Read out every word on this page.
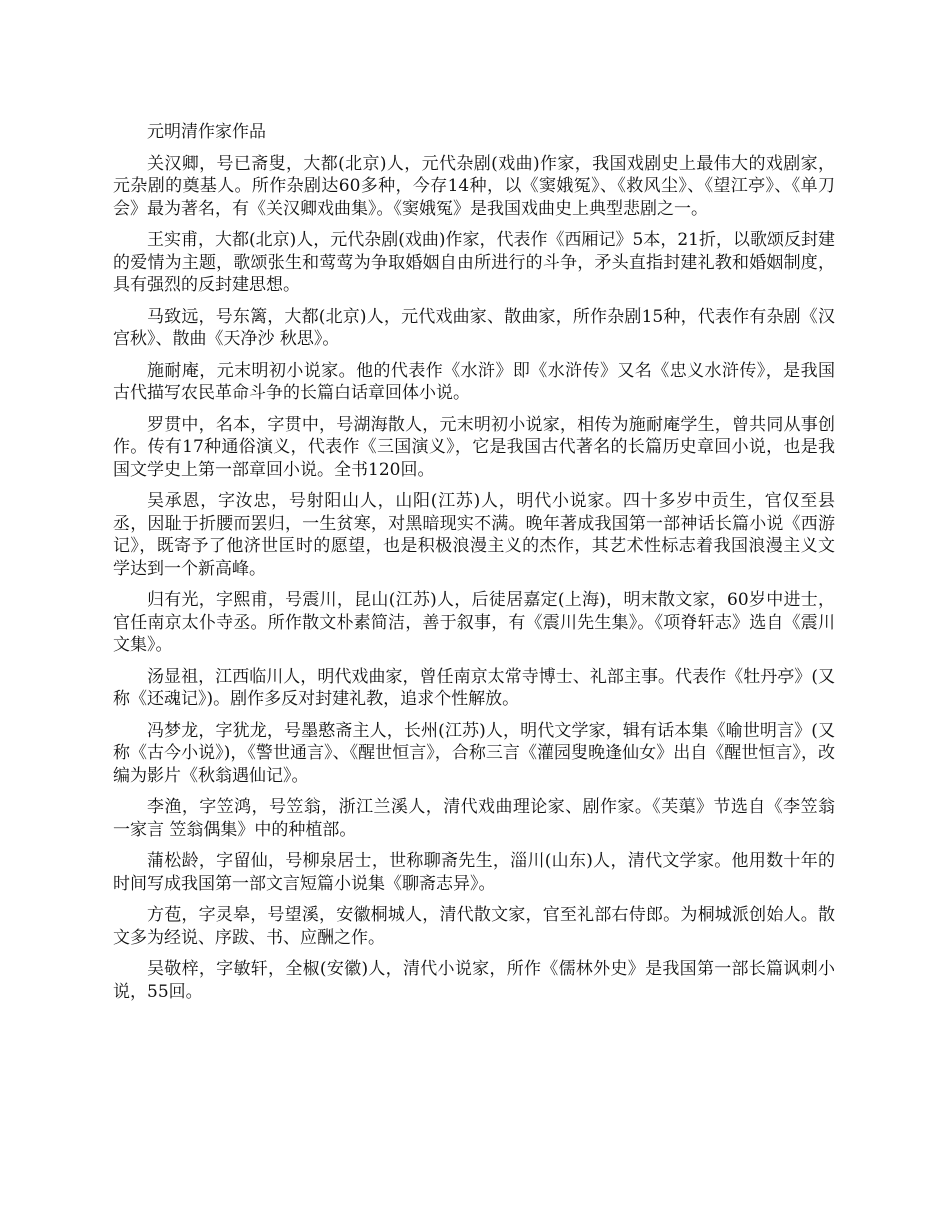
元明清作家作品

关汉卿，号已斋叟，大都(北京)人，元代杂剧(戏曲)作家，我国戏剧史上最伟大的戏剧家，元杂剧的奠基人。所作杂剧达60多种，今存14种，以《窦娥冤》、《救风尘》、《望江亭》、《单刀会》最为著名，有《关汉卿戏曲集》。《窦娥冤》是我国戏曲史上典型悲剧之一。

王实甫，大都(北京)人，元代杂剧(戏曲)作家，代表作《西厢记》5本，21折，以歌颂反封建的爱情为主题，歌颂张生和莺莺为争取婚姻自由所进行的斗争，矛头直指封建礼教和婚姻制度，具有强烈的反封建思想。

马致远，号东篱，大都(北京)人，元代戏曲家、散曲家，所作杂剧15种，代表作有杂剧《汉宫秋》、散曲《天净沙 秋思》。

施耐庵，元末明初小说家。他的代表作《水浒》即《水浒传》又名《忠义水浒传》，是我国古代描写农民革命斗争的长篇白话章回体小说。

罗贯中，名本，字贯中，号湖海散人，元末明初小说家，相传为施耐庵学生，曾共同从事创作。传有17种通俗演义，代表作《三国演义》，它是我国古代著名的长篇历史章回小说，也是我国文学史上第一部章回小说。全书120回。

吴承恩，字汝忠，号射阳山人，山阳(江苏)人，明代小说家。四十多岁中贡生，官仅至县丞，因耻于折腰而罢归，一生贫寒，对黑暗现实不满。晚年著成我国第一部神话长篇小说《西游记》，既寄予了他济世匡时的愿望，也是积极浪漫主义的杰作，其艺术性标志着我国浪漫主义文学达到一个新高峰。

归有光，字熙甫，号震川，昆山(江苏)人，后徒居嘉定(上海)，明末散文家，60岁中进士，官任南京太仆寺丞。所作散文朴素简洁，善于叙事，有《震川先生集》。《项脊轩志》选自《震川文集》。

汤显祖，江西临川人，明代戏曲家，曾任南京太常寺博士、礼部主事。代表作《牡丹亭》(又称《还魂记》)。剧作多反对封建礼教，追求个性解放。

冯梦龙，字犹龙，号墨憨斋主人，长州(江苏)人，明代文学家，辑有话本集《喻世明言》(又称《古今小说》)，《警世通言》、《醒世恒言》，合称三言《灌园叟晚逢仙女》出自《醒世恒言》，改编为影片《秋翁遇仙记》。

李渔，字笠鸿，号笠翁，浙江兰溪人，清代戏曲理论家、剧作家。《芙蕖》节选自《李笠翁一家言 笠翁偶集》中的种植部。

蒲松龄，字留仙，号柳泉居士，世称聊斋先生，淄川(山东)人，清代文学家。他用数十年的时间写成我国第一部文言短篇小说集《聊斋志异》。

方苞，字灵皋，号望溪，安徽桐城人，清代散文家，官至礼部右侍郎。为桐城派创始人。散文多为经说、序跋、书、应酬之作。

吴敬梓，字敏轩，全椒(安徽)人，清代小说家，所作《儒林外史》是我国第一部长篇讽刺小说，55回。
